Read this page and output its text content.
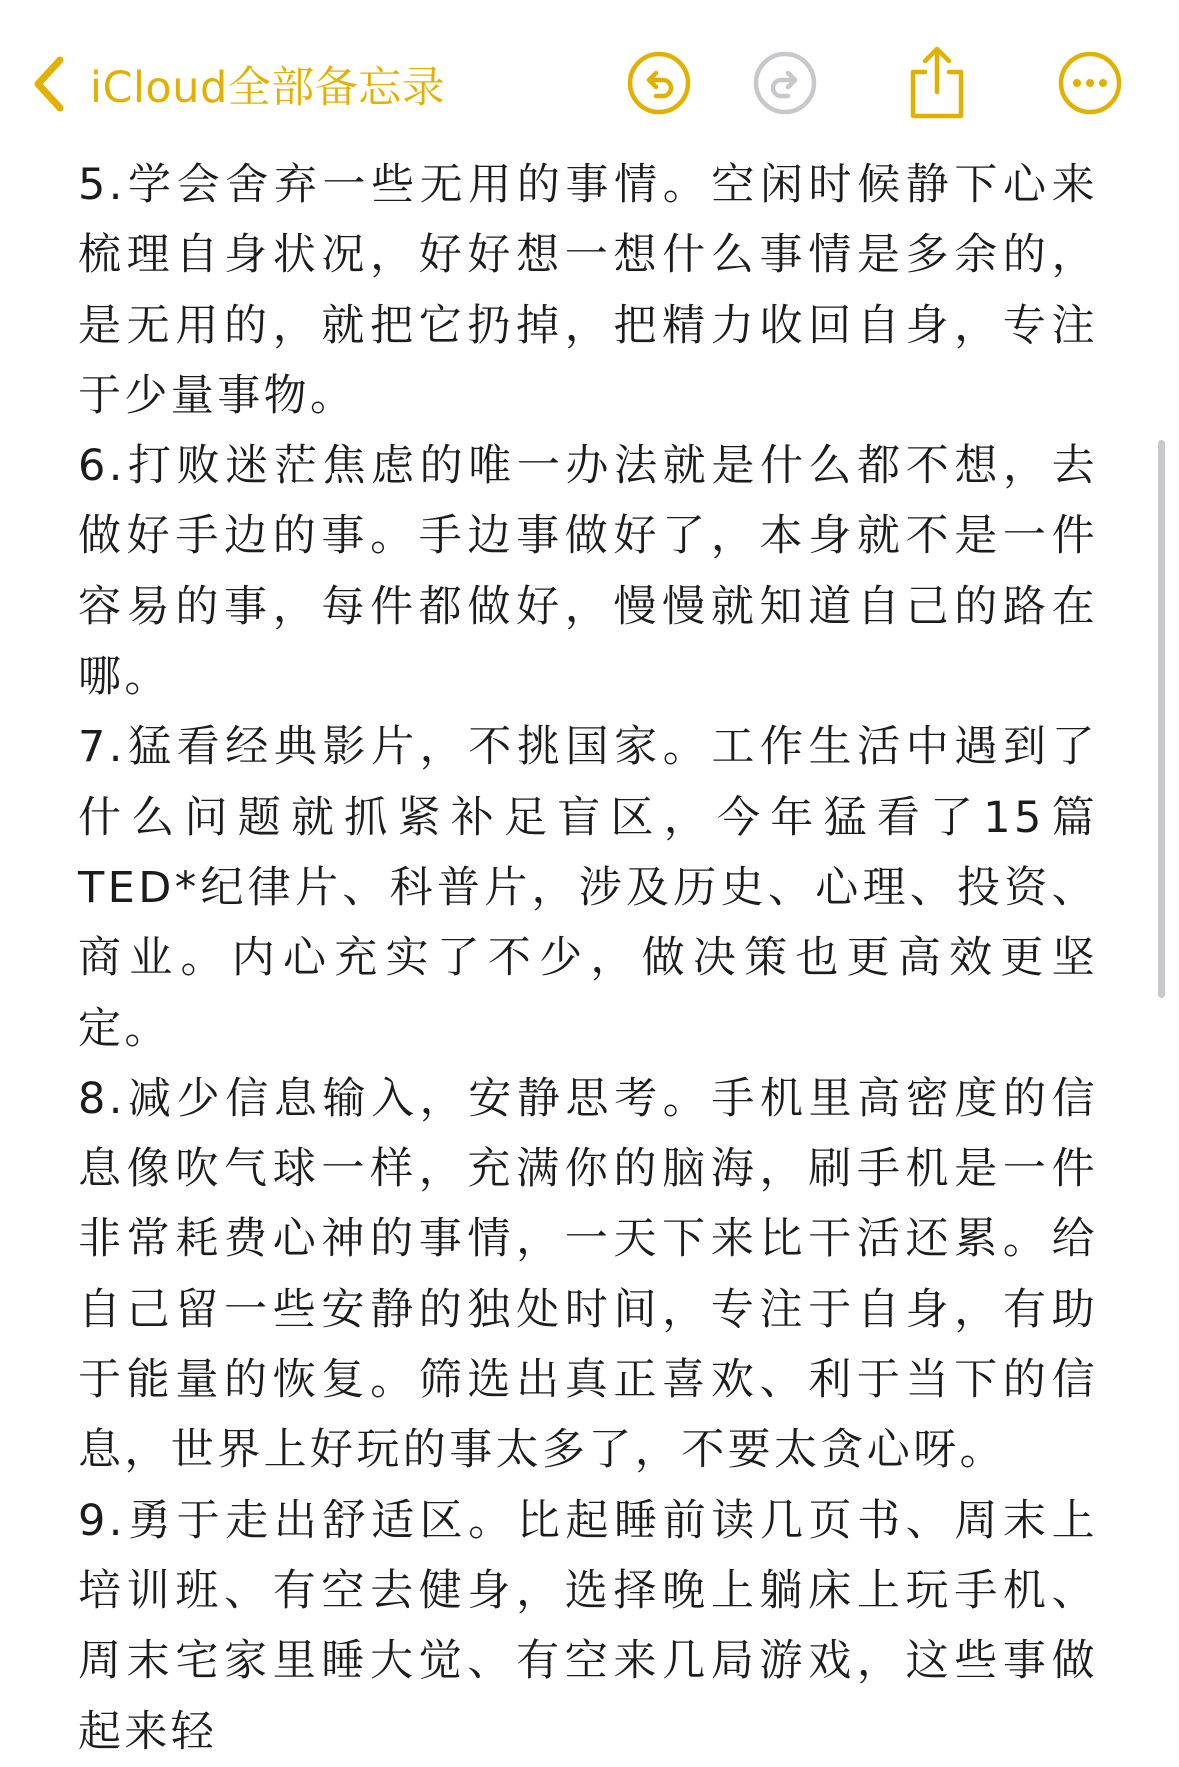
iCloud全部备忘录

5.学会舍弃一些无用的事情。空闲时候静下心来梳理自身状况，好好想一想什么事情是多余的，是无用的，就把它扔掉，把精力收回自身，专注于少量事物。

6.打败迷茫焦虑的唯一办法就是什么都不想，去做好手边的事。手边事做好了，本身就不是一件容易的事，每件都做好，慢慢就知道自己的路在哪。

7.猛看经典影片，不挑国家。工作生活中遇到了什么问题就抓紧补足盲区，今年猛看了15篇 TED*纪律片、科普片，涉及历史、心理、投资、商业。内心充实了不少，做决策也更高效更坚定。

8.减少信息输入，安静思考。手机里高密度的信息像吹气球一样，充满你的脑海，刷手机是一件非常耗费心神的事情，一天下来比干活还累。给自己留一些安静的独处时间，专注于自身，有助于能量的恢复。筛选出真正喜欢、利于当下的信息，世界上好玩的事太多了，不要太贪心呀。

9.勇于走出舒适区。比起睡前读几页书、周末上培训班、有空去健身，选择晚上躺床上玩手机、周末宅家里睡大觉、有空来几局游戏，这些事做起来轻
